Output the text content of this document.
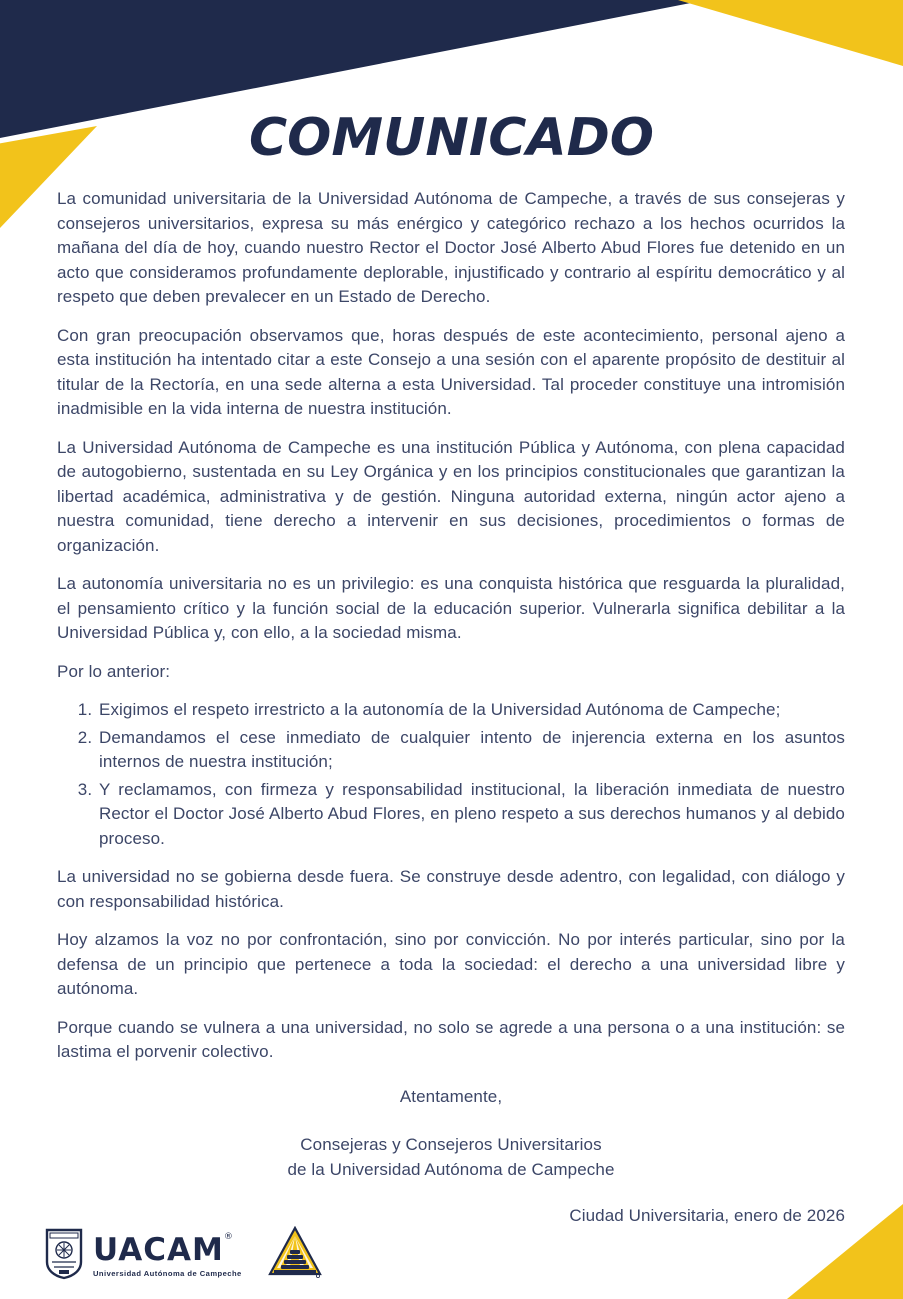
COMUNICADO

La comunidad universitaria de la Universidad Autónoma de Campeche, a través de sus consejeras y consejeros universitarios, expresa su más enérgico y categórico rechazo a los hechos ocurridos la mañana del día de hoy, cuando nuestro Rector el Doctor José Alberto Abud Flores fue detenido en un acto que consideramos profundamente deplorable, injustificado y contrario al espíritu democrático y al respeto que deben prevalecer en un Estado de Derecho.

Con gran preocupación observamos que, horas después de este acontecimiento, personal ajeno a esta institución ha intentado citar a este Consejo a una sesión con el aparente propósito de destituir al titular de la Rectoría, en una sede alterna a esta Universidad. Tal proceder constituye una intromisión inadmisible en la vida interna de nuestra institución.

La Universidad Autónoma de Campeche es una institución Pública y Autónoma, con plena capacidad de autogobierno, sustentada en su Ley Orgánica y en los principios constitucionales que garantizan la libertad académica, administrativa y de gestión. Ninguna autoridad externa, ningún actor ajeno a nuestra comunidad, tiene derecho a intervenir en sus decisiones, procedimientos o formas de organización.

La autonomía universitaria no es un privilegio: es una conquista histórica que resguarda la pluralidad, el pensamiento crítico y la función social de la educación superior. Vulnerarla significa debilitar a la Universidad Pública y, con ello, a la sociedad misma.

Por lo anterior:

1. Exigimos el respeto irrestricto a la autonomía de la Universidad Autónoma de Campeche;
2. Demandamos el cese inmediato de cualquier intento de injerencia externa en los asuntos internos de nuestra institución;
3. Y reclamamos, con firmeza y responsabilidad institucional, la liberación inmediata de nuestro Rector el Doctor José Alberto Abud Flores, en pleno respeto a sus derechos humanos y al debido proceso.

La universidad no se gobierna desde fuera. Se construye desde adentro, con legalidad, con diálogo y con responsabilidad histórica.

Hoy alzamos la voz no por confrontación, sino por convicción. No por interés particular, sino por la defensa de un principio que pertenece a toda la sociedad: el derecho a una universidad libre y autónoma.

Porque cuando se vulnera a una universidad, no solo se agrede a una persona o a una institución: se lastima el porvenir colectivo.

Atentamente,

Consejeras y Consejeros Universitarios

de la Universidad Autónoma de Campeche

Ciudad Universitaria, enero de 2026

UACAM®
Universidad Autónoma de Campeche
